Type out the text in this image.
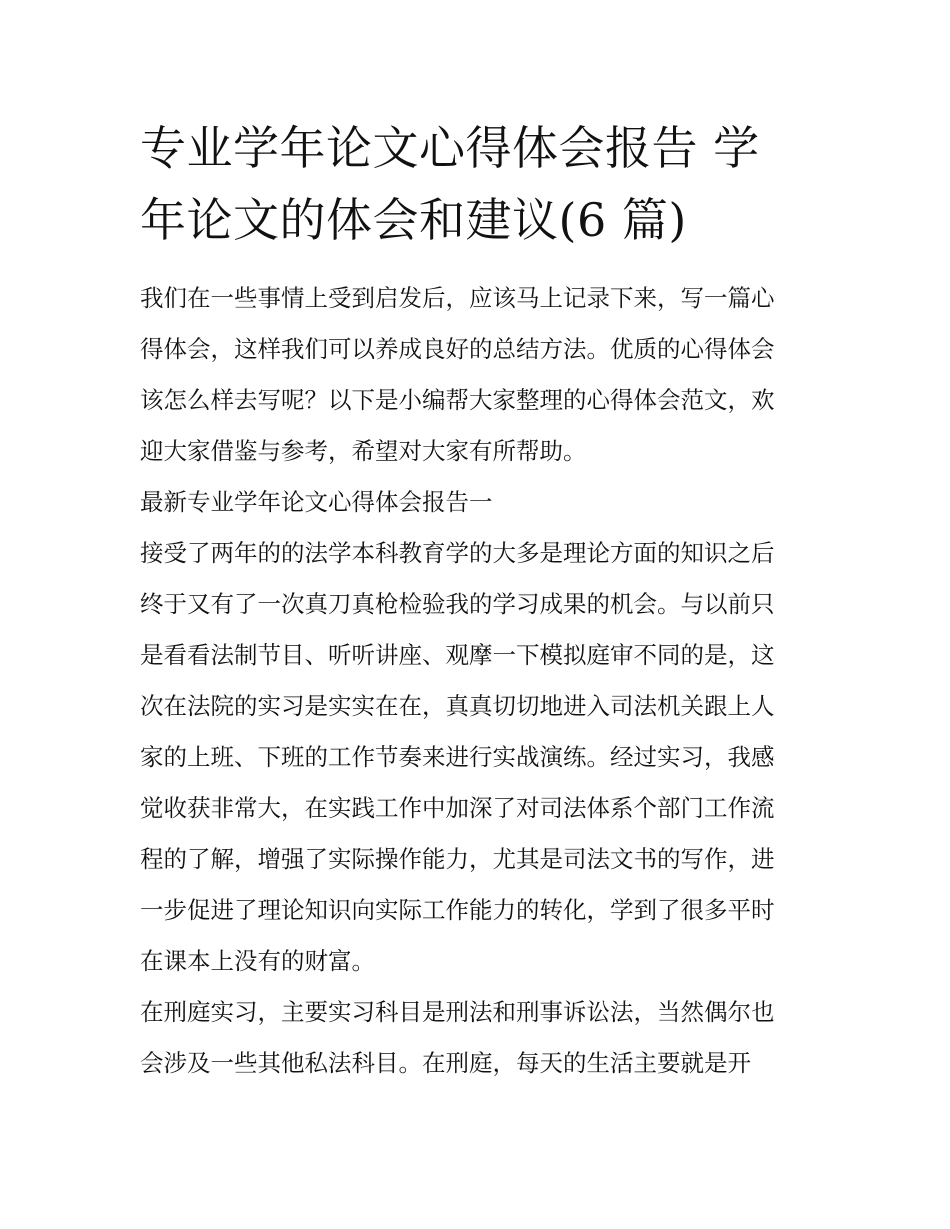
专业学年论文心得体会报告 学
年论文的体会和建议(6 篇)
我们在一些事情上受到启发后，应该马上记录下来，写一篇心
得体会，这样我们可以养成良好的总结方法。优质的心得体会
该怎么样去写呢？以下是小编帮大家整理的心得体会范文，欢
迎大家借鉴与参考，希望对大家有所帮助。
最新专业学年论文心得体会报告一
接受了两年的的法学本科教育学的大多是理论方面的知识之后
终于又有了一次真刀真枪检验我的学习成果的机会。与以前只
是看看法制节目、听听讲座、观摩一下模拟庭审不同的是，这
次在法院的实习是实实在在，真真切切地进入司法机关跟上人
家的上班、下班的工作节奏来进行实战演练。经过实习，我感
觉收获非常大，在实践工作中加深了对司法体系个部门工作流
程的了解，增强了实际操作能力，尤其是司法文书的写作，进
一步促进了理论知识向实际工作能力的转化，学到了很多平时
在课本上没有的财富。
在刑庭实习，主要实习科目是刑法和刑事诉讼法，当然偶尔也
会涉及一些其他私法科目。在刑庭，每天的生活主要就是开
